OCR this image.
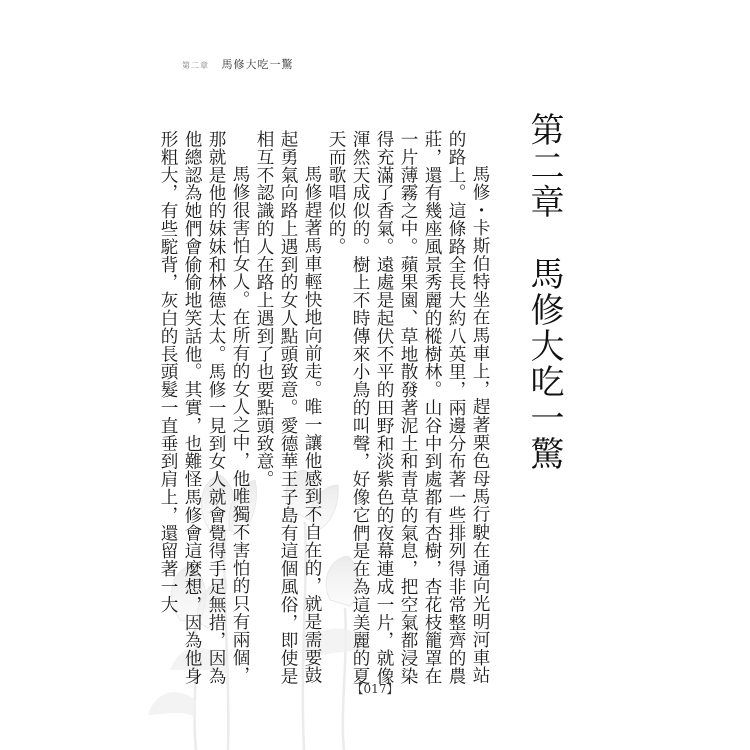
第二章 馬修大吃一驚
第二章馬修大吃一驚

馬修・卡斯伯特坐在馬車上，趕著栗色母馬行駛在通向光明河車站的路上。這條路全長大約八英里，兩邊分布著一些排列得非常整齊的農莊，還有幾座風景秀麗的樅樹林。山谷中到處都有杏樹，杏花枝籠罩在一片薄霧之中。蘋果園、草地散發著泥土和青草的氣息，把空氣都浸染得充滿了香氣。遠處是起伏不平的田野和淡紫色的夜幕連成一片，就像渾然天成似的。樹上不時傳來小鳥的叫聲，好像它們是在為這美麗的夏天而歌唱似的。

馬修趕著馬車輕快地向前走。唯一讓他感到不自在的，就是需要鼓起勇氣向路上遇到的女人點頭致意。愛德華王子島有這個風俗，即使是相互不認識的人在路上遇到了也要點頭致意。

馬修很害怕女人。在所有的女人之中，他唯獨不害怕的只有兩個，那就是他的妹妹和林德太太。馬修一見到女人就會覺得手足無措，因為他總認為她們會偷偷地笑話他。其實，也難怪馬修會這麼想，因為他身形粗大，有些駝背，灰白的長頭髮一直垂到肩上，還留著一大

【017】
